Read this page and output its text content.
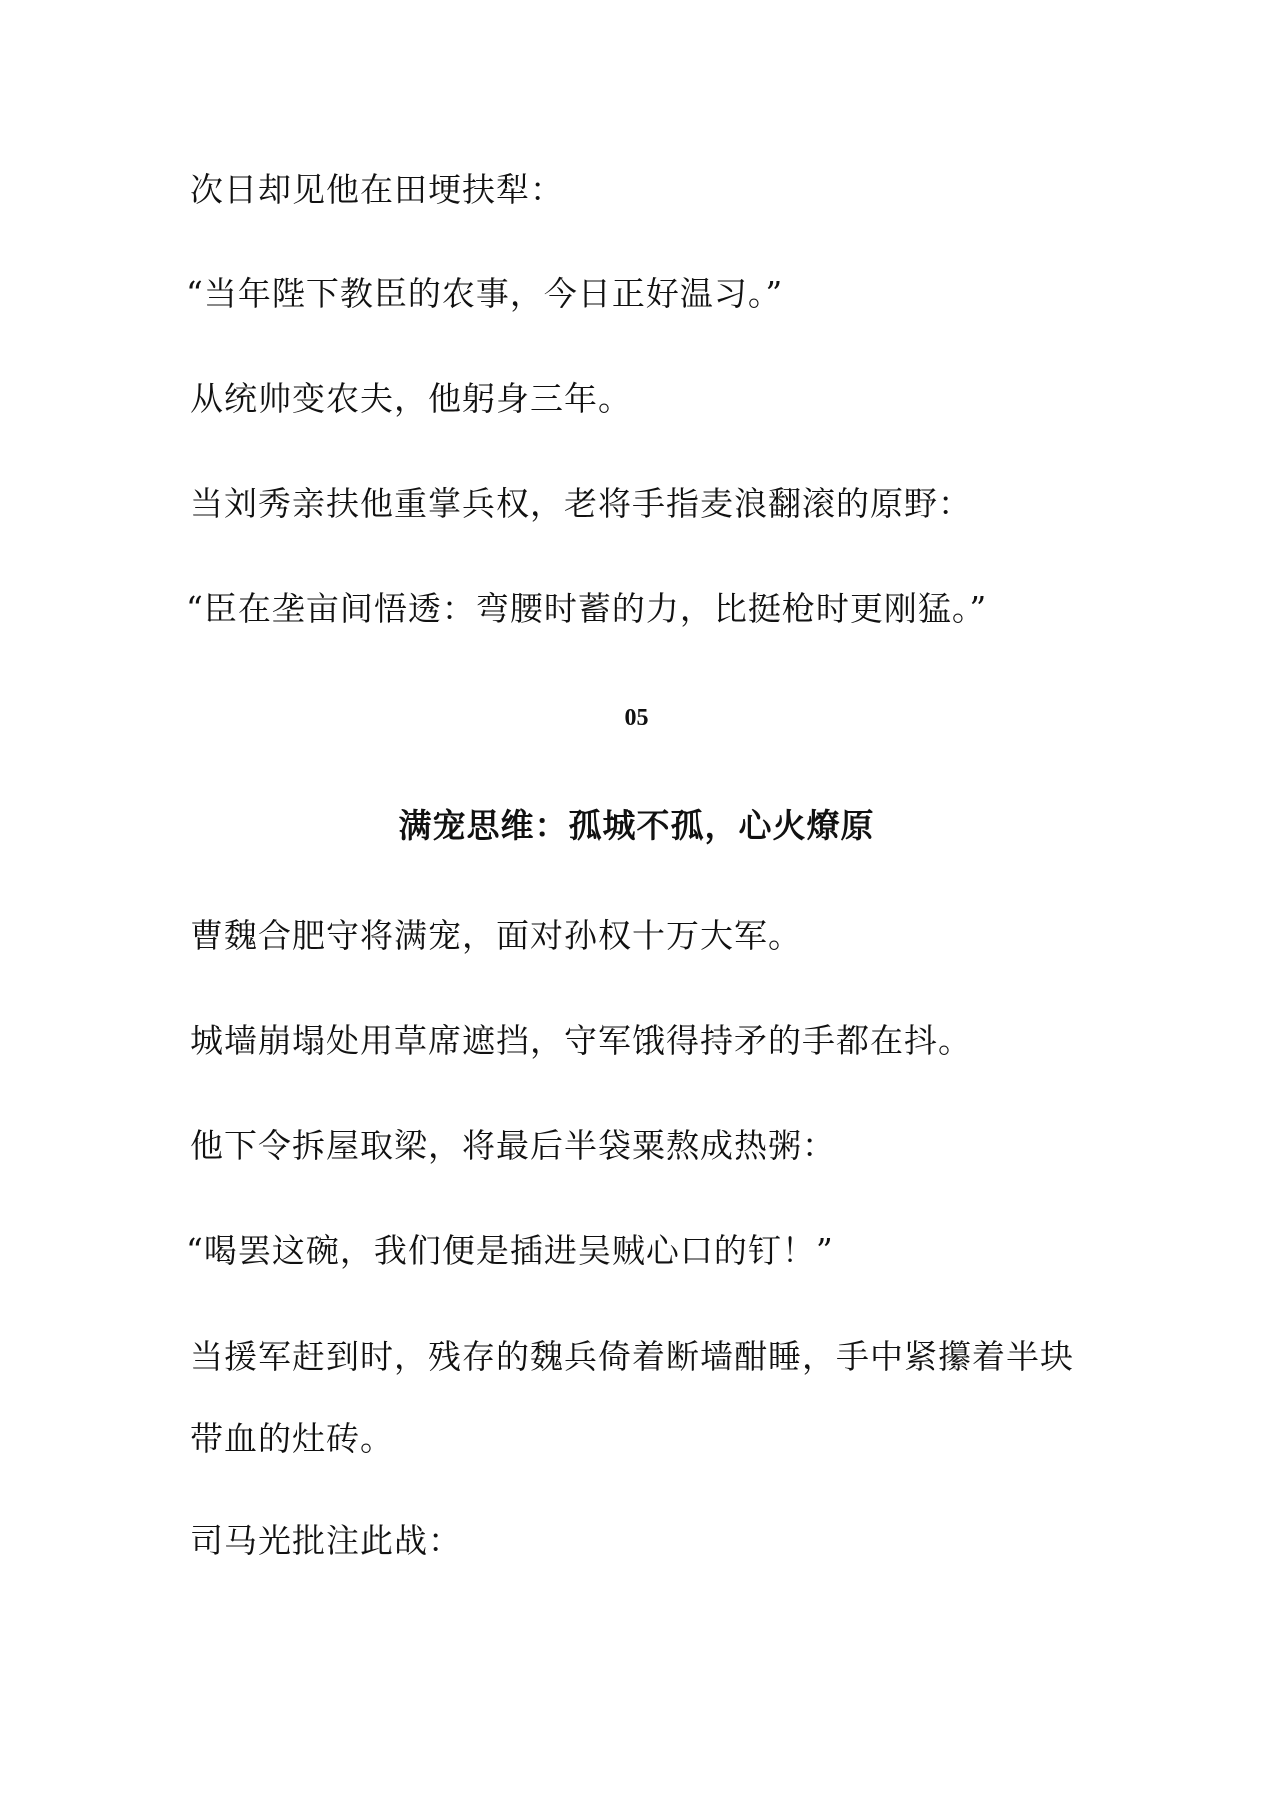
次日却见他在田埂扶犁：

“当年陛下教臣的农事，今日正好温习。”

从统帅变农夫，他躬身三年。

当刘秀亲扶他重掌兵权，老将手指麦浪翻滚的原野：

“臣在垄亩间悟透：弯腰时蓄的力，比挺枪时更刚猛。”

05

满宠思维：孤城不孤，心火燎原

曹魏合肥守将满宠，面对孙权十万大军。

城墙崩塌处用草席遮挡，守军饿得持矛的手都在抖。

他下令拆屋取梁，将最后半袋粟熬成热粥：

“喝罢这碗，我们便是插进吴贼心口的钉！”

当援军赶到时，残存的魏兵倚着断墙酣睡，手中紧攥着半块带血的灶砖。

司马光批注此战：
